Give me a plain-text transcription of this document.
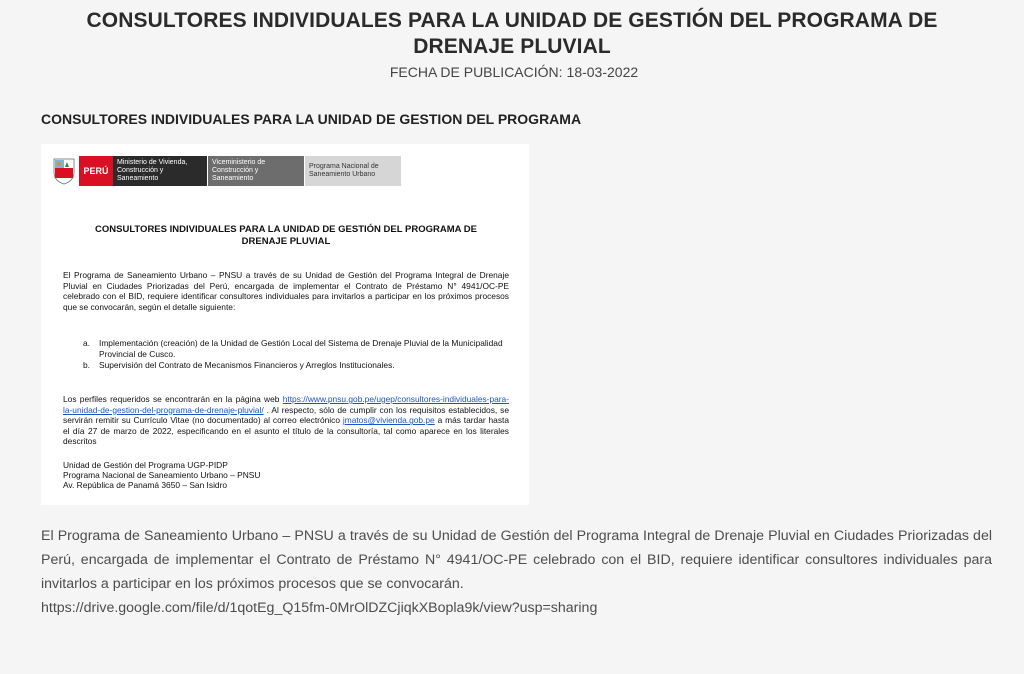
CONSULTORES INDIVIDUALES PARA LA UNIDAD DE GESTIÓN DEL PROGRAMA DE DRENAJE PLUVIAL
FECHA DE PUBLICACIÓN: 18-03-2022
CONSULTORES INDIVIDUALES PARA LA UNIDAD DE GESTION DEL PROGRAMA
PERÚ
Ministerio de Vivienda, Construcción y Saneamiento
Viceministerio de Construcción y Saneamiento
Programa Nacional de Saneamiento Urbano
CONSULTORES INDIVIDUALES PARA LA UNIDAD DE GESTIÓN DEL PROGRAMA DE DRENAJE PLUVIAL
El Programa de Saneamiento Urbano – PNSU a través de su Unidad de Gestión del Programa Integral de Drenaje Pluvial en Ciudades Priorizadas del Perú, encargada de implementar el Contrato de Préstamo N° 4941/OC-PE celebrado con el BID, requiere identificar consultores individuales para invitarlos a participar en los próximos procesos que se convocarán, según el detalle siguiente:
a. Implementación (creación) de la Unidad de Gestión Local del Sistema de Drenaje Pluvial de la Municipalidad Provincial de Cusco.
b. Supervisión del Contrato de Mecanismos Financieros y Arreglos Institucionales.
Los perfiles requeridos se encontrarán en la página web https://www.pnsu.gob.pe/ugep/consultores-individuales-para-la-unidad-de-gestion-del-programa-de-drenaje-pluvial/ . Al respecto, sólo de cumplir con los requisitos establecidos, se servirán remitir su Currículo Vitae (no documentado) al correo electrónico jmatos@vivienda.gob.pe a más tardar hasta el día 27 de marzo de 2022, especificando en el asunto el título de la consultoría, tal como aparece en los literales descritos
Unidad de Gestión del Programa UGP-PIDP
Programa Nacional de Saneamiento Urbano – PNSU
Av. República de Panamá 3650 – San Isidro

El Programa de Saneamiento Urbano – PNSU a través de su Unidad de Gestión del Programa Integral de Drenaje Pluvial en Ciudades Priorizadas del Perú, encargada de implementar el Contrato de Préstamo N° 4941/OC-PE celebrado con el BID, requiere identificar consultores individuales para invitarlos a participar en los próximos procesos que se convocarán.

https://drive.google.com/file/d/1qotEg_Q15fm-0MrOlDZCjiqkXBopla9k/view?usp=sharing
